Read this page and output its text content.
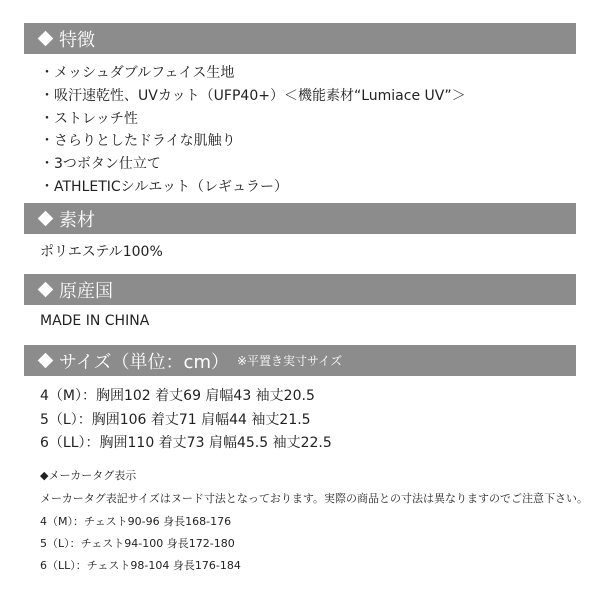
特徴
・メッシュダブルフェイス生地
・吸汗速乾性、UVカット（UFP40+）＜機能素材“Lumiace UV”＞
・ストレッチ性
・さらりとしたドライな肌触り
・3つボタン仕立て
・ATHLETICシルエット（レギュラー）
素材
ポリエステル100%
原産国
MADE IN CHINA
サイズ（単位：cm） ※平置き実寸サイズ
4（M）：胸囲102 着丈69 肩幅43 袖丈20.5
5（L）：胸囲106 着丈71 肩幅44 袖丈21.5
6（LL）：胸囲110 着丈73 肩幅45.5 袖丈22.5
◆メーカータグ表示
メーカータグ表記サイズはヌード寸法となっております。実際の商品との寸法は異なりますのでご注意下さい。
4（M）：チェスト90-96 身長168-176
5（L）：チェスト94-100 身長172-180
6（LL）：チェスト98-104 身長176-184
